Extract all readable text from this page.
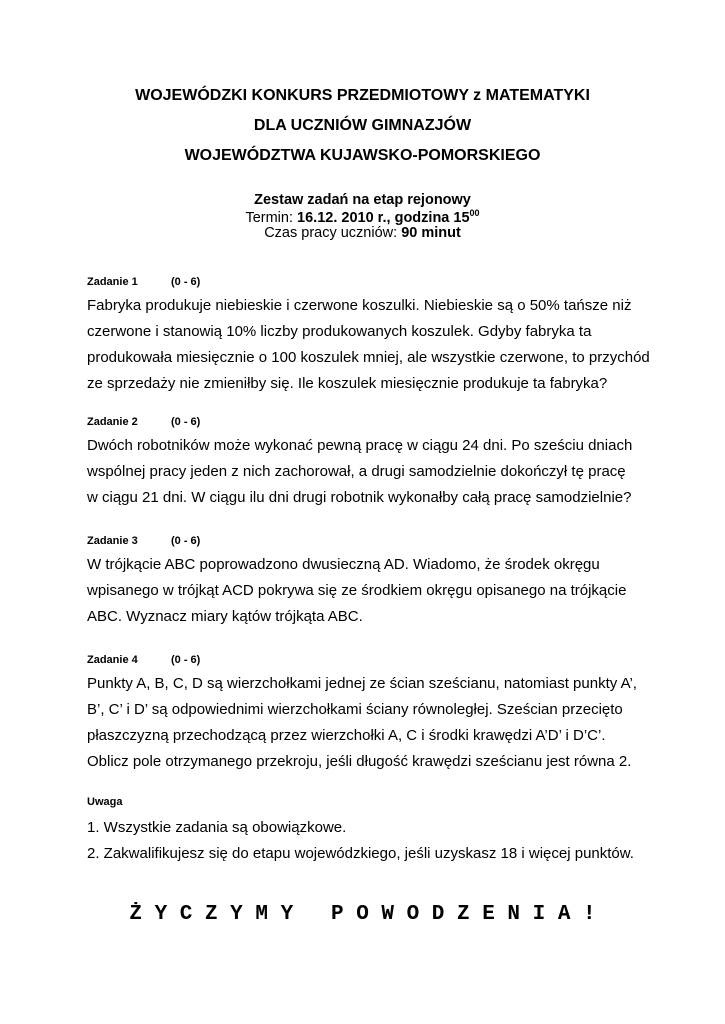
WOJEWÓDZKI KONKURS PRZEDMIOTOWY z MATEMATYKI
DLA UCZNIÓW GIMNAZJÓW
WOJEWÓDZTWA KUJAWSKO-POMORSKIEGO
Zestaw zadań na etap rejonowy
Termin: 16.12. 2010 r., godzina $15^{00}$
Czas pracy uczniów: 90 minut
Zadanie 1	(0 - 6)

Fabryka produkuje niebieskie i czerwone koszulki. Niebieskie są o 50% tańsze niż

czerwone i stanowią 10% liczby produkowanych koszulek. Gdyby fabryka ta

produkowała miesięcznie o 100 koszulek mniej, ale wszystkie czerwone, to przychód

ze sprzedaży nie zmieniłby się. Ile koszulek miesięcznie produkuje ta fabryka?

Zadanie 2	(0 - 6)

Dwóch robotników może wykonać pewną pracę w ciągu 24 dni. Po sześciu dniach

wspólnej pracy jeden z nich zachorował, a drugi samodzielnie dokończył tę pracę

w ciągu 21 dni. W ciągu ilu dni drugi robotnik wykonałby całą pracę samodzielnie?

Zadanie 3	(0 - 6)

W trójkącie ABC poprowadzono dwusieczną AD. Wiadomo, że środek okręgu

wpisanego w trójkąt ACD pokrywa się ze środkiem okręgu opisanego na trójkącie

ABC. Wyznacz miary kątów trójkąta ABC.

Zadanie 4	(0 - 6)

Punkty A, B, C, D są wierzchołkami jednej ze ścian sześcianu, natomiast punkty A’,

B’, C’ i D’ są odpowiednimi wierzchołkami ściany równoległej. Sześcian przecięto

płaszczyzną przechodzącą przez wierzchołki A, C i środki krawędzi A’D’ i D’C’.

Oblicz pole otrzymanego przekroju, jeśli długość krawędzi sześcianu jest równa 2.

Uwaga

1. Wszystkie zadania są obowiązkowe.

2. Zakwalifikujesz się do etapu wojewódzkiego, jeśli uzyskasz 18 i więcej punktów.

Ż Y C Z Y M Y   P O W O D Z E N I A !
